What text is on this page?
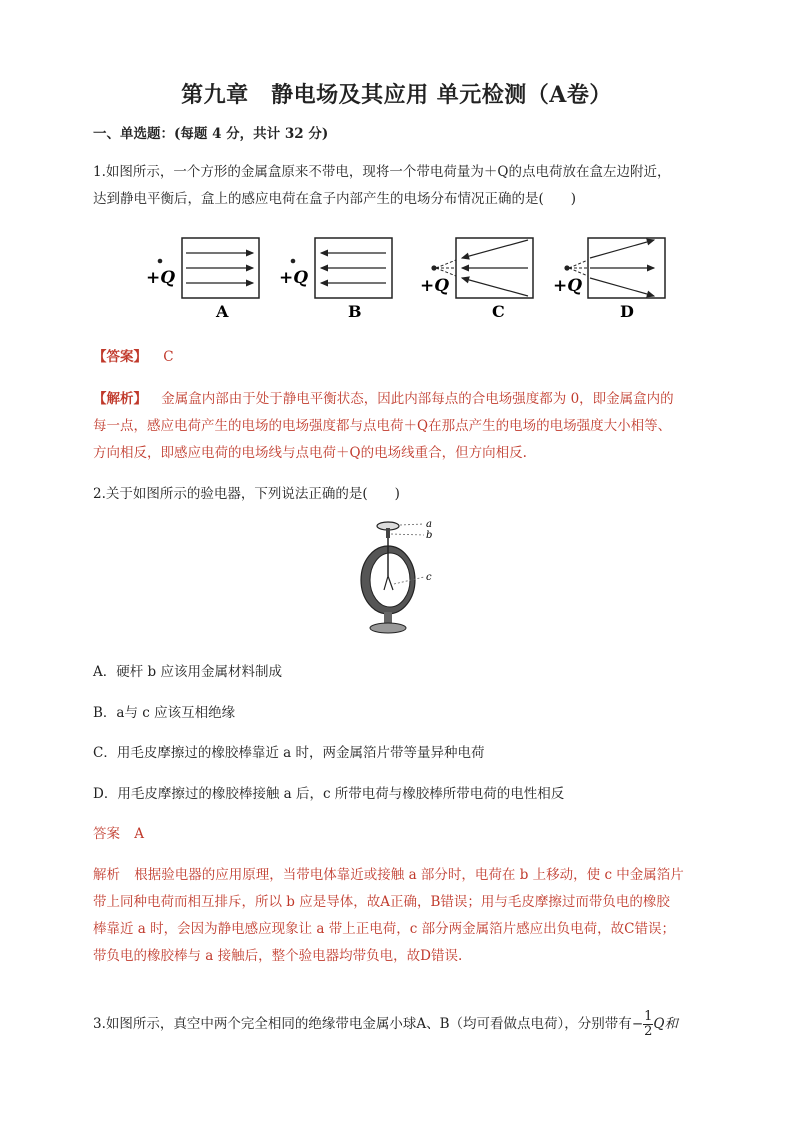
第九章　静电场及其应用 单元检测（A卷）
一、单选题：(每题 4 分，共计 32 分)
1.如图所示，一个方形的金属盒原来不带电，现将一个带电荷量为＋Q的点电荷放在盒左边附近，
达到静电平衡后，盒上的感应电荷在盒子内部产生的电场分布情况正确的是(　　)
+Q
A
+Q
B
+Q
C
+Q
D
【答案】 C
【解析】 金属盒内部由于处于静电平衡状态，因此内部每点的合电场强度都为 0，即金属盒内的
每一点，感应电荷产生的电场的电场强度都与点电荷＋Q在那点产生的电场的电场强度大小相等、
方向相反，即感应电荷的电场线与点电荷＋Q的电场线重合，但方向相反.
2.关于如图所示的验电器，下列说法正确的是(　　)
a
b
c
A．硬杆 b 应该用金属材料制成
B．a与 c 应该互相绝缘
C．用毛皮摩擦过的橡胶棒靠近 a 时，两金属箔片带等量异种电荷
D．用毛皮摩擦过的橡胶棒接触 a 后，c 所带电荷与橡胶棒所带电荷的电性相反
答案 A
解析 根据验电器的应用原理，当带电体靠近或接触 a 部分时，电荷在 b 上移动，使 c 中金属箔片
带上同种电荷而相互排斥，所以 b 应是导体，故A正确，B错误；用与毛皮摩擦过而带负电的橡胶
棒靠近 a 时，会因为静电感应现象让 a 带上正电荷，c 部分两金属箔片感应出负电荷，故C错误；
带负电的橡胶棒与 a 接触后，整个验电器均带负电，故D错误.
3.如图所示，真空中两个完全相同的绝缘带电金属小球A、B（均可看做点电荷），分别带有− $\frac{1}{2}$ Q和
